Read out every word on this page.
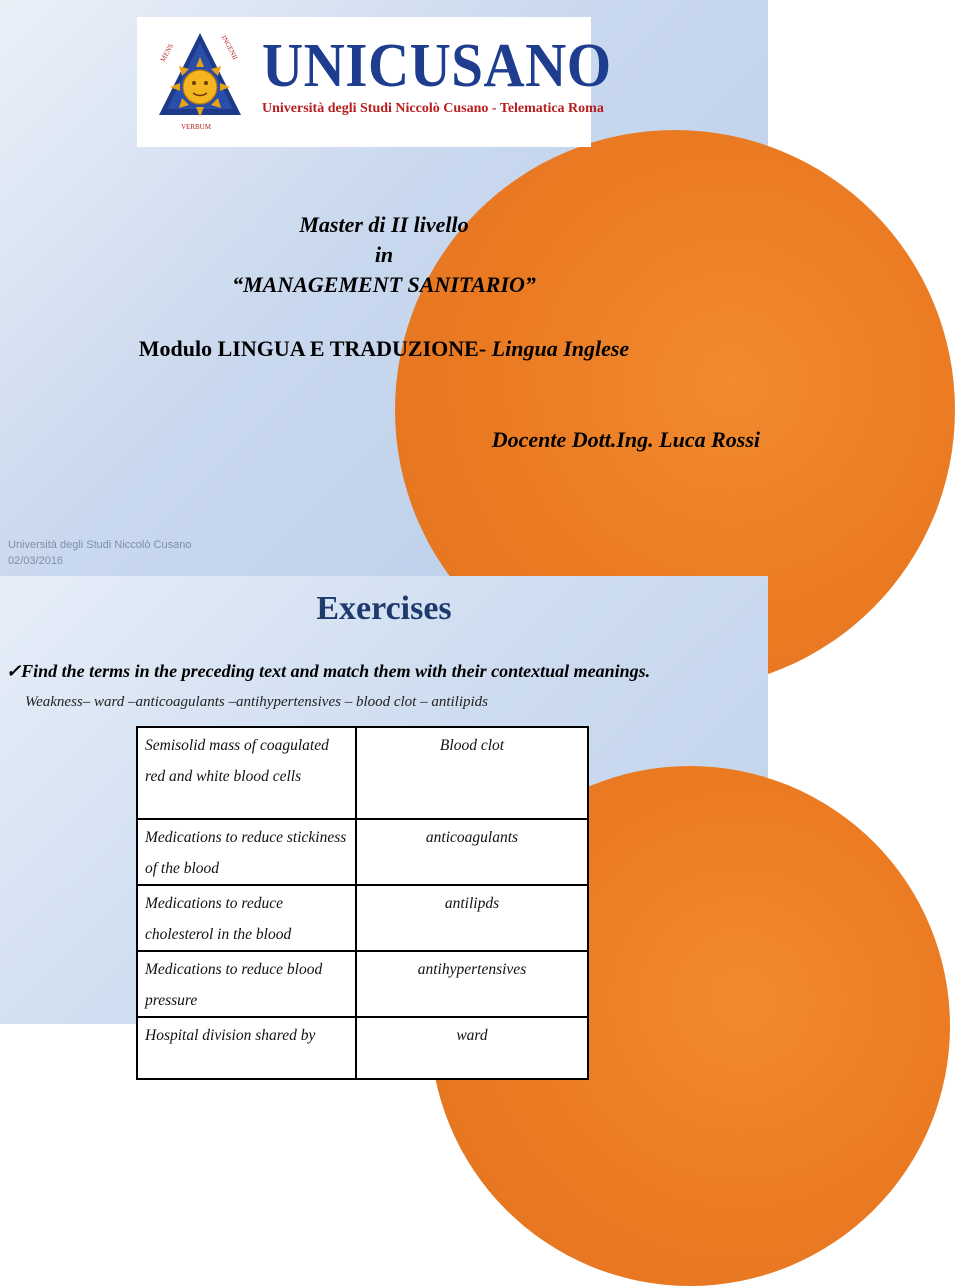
MENS	INGENII
VERBUM
UNICUSANO
Università degli Studi Niccolò Cusano - Telematica Roma
Master di II livello
in
“MANAGEMENT SANITARIO”
Modulo LINGUA E TRADUZIONE- Lingua Inglese
Docente Dott.Ing. Luca Rossi
Università degli Studi Niccolò Cusano
02/03/2016
Exercises
✓Find the terms in the preceding text and match them with their contextual meanings.
Weakness– ward –anticoagulants –antihypertensives – blood clot – antilipids
Semisolid mass of coagulated red and white blood cells	Blood clot
Medications to reduce stickiness of the blood	anticoagulants
Medications to reduce cholesterol in the blood	antilipds
Medications to reduce blood pressure	antihypertensives
Hospital division shared by	ward
